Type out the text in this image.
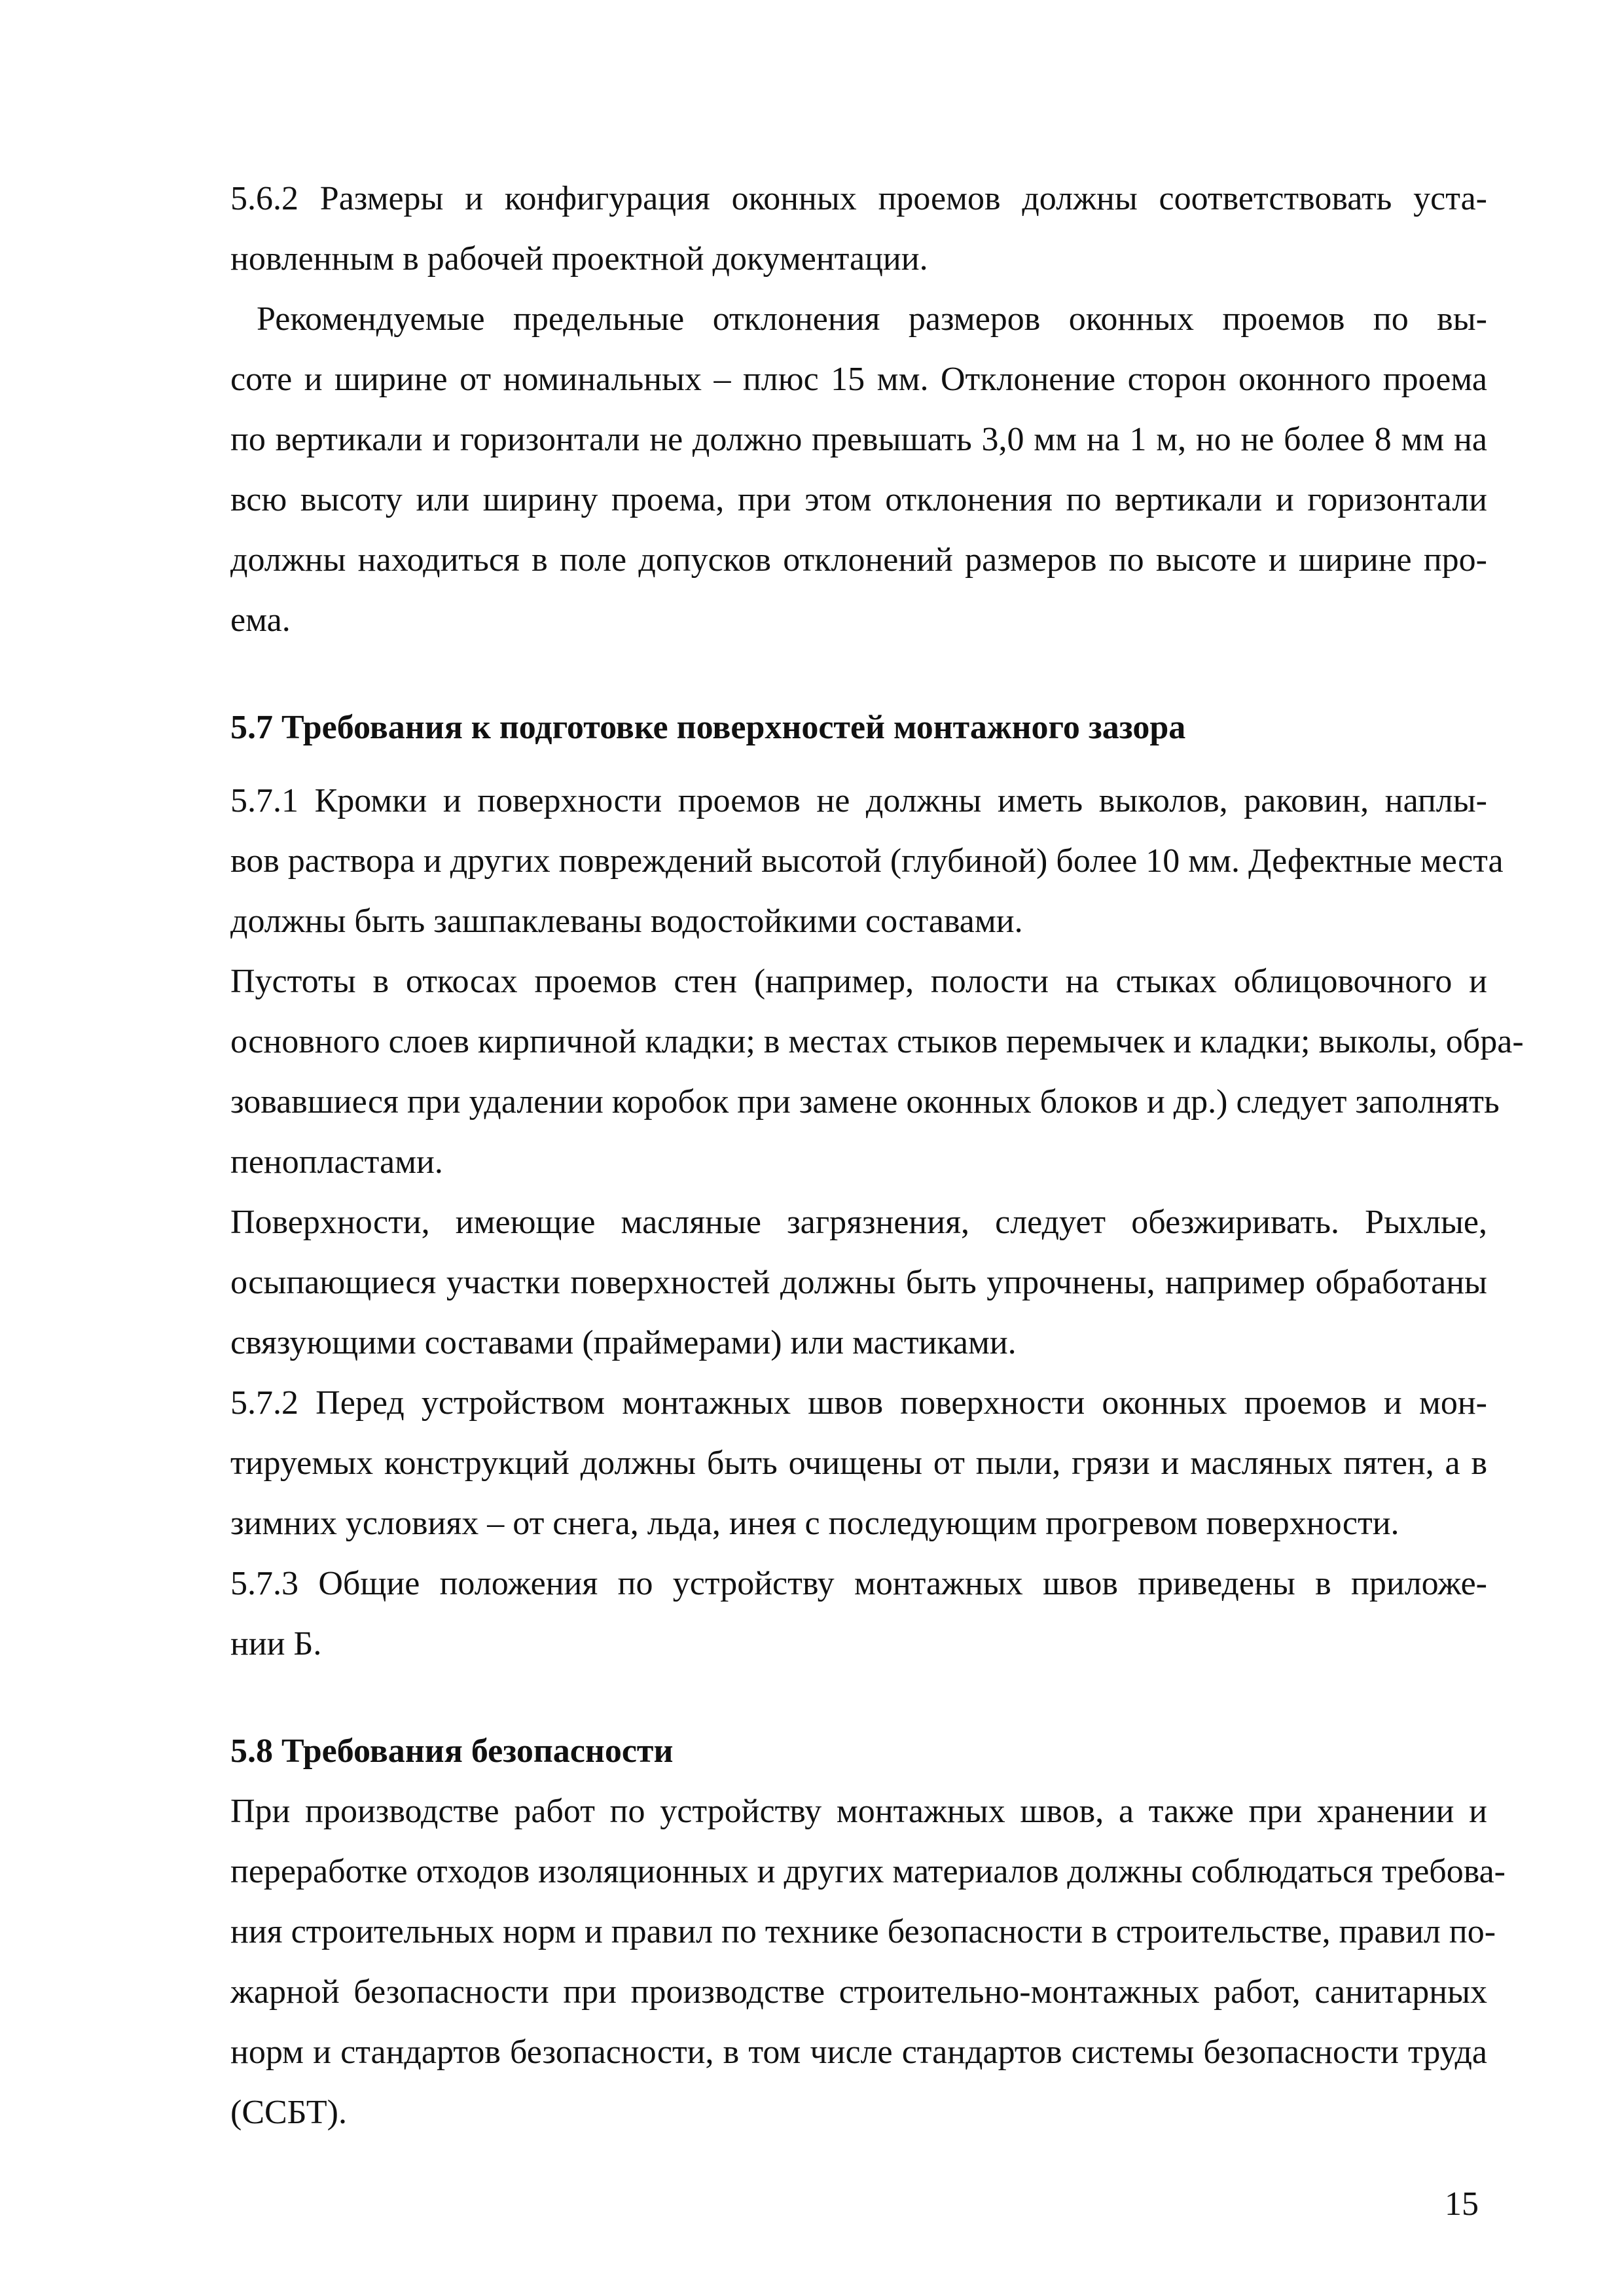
5.6.2 Размеры и конфигурация оконных проемов должны соответствовать уста-
новленным в рабочей проектной документации.
Рекомендуемые предельные отклонения размеров оконных проемов по вы-
соте и ширине от номинальных – плюс 15 мм. Отклонение сторон оконного проема
по вертикали и горизонтали не должно превышать 3,0 мм на 1 м, но не более 8 мм на
всю высоту или ширину проема, при этом отклонения по вертикали и горизонтали
должны находиться в поле допусков отклонений размеров по высоте и ширине про-
ема.
5.7 Требования к подготовке поверхностей монтажного зазора
5.7.1 Кромки и поверхности проемов не должны иметь выколов, раковин, наплы-
вов раствора и других повреждений высотой (глубиной) более 10 мм. Дефектные места
должны быть зашпаклеваны водостойкими составами.
Пустоты в откосах проемов стен (например, полости на стыках облицовочного и
основного слоев кирпичной кладки; в местах стыков перемычек и кладки; выколы, обра-
зовавшиеся при удалении коробок при замене оконных блоков и др.) следует заполнять
пенопластами.
Поверхности, имеющие масляные загрязнения, следует обезжиривать. Рыхлые,
осыпающиеся участки поверхностей должны быть упрочнены, например обработаны
связующими составами (праймерами) или мастиками.
5.7.2 Перед устройством монтажных швов поверхности оконных проемов и мон-
тируемых конструкций должны быть очищены от пыли, грязи и масляных пятен, а в
зимних условиях – от снега, льда, инея с последующим прогревом поверхности.
5.7.3 Общие положения по устройству монтажных швов приведены в приложе-
нии Б.
5.8 Требования безопасности
При производстве работ по устройству монтажных швов, а также при хранении и
переработке отходов изоляционных и других материалов должны соблюдаться требова-
ния строительных норм и правил по технике безопасности в строительстве, правил по-
жарной безопасности при производстве строительно-монтажных работ, санитарных
норм и стандартов безопасности, в том числе стандартов системы безопасности труда
(ССБТ).
15
